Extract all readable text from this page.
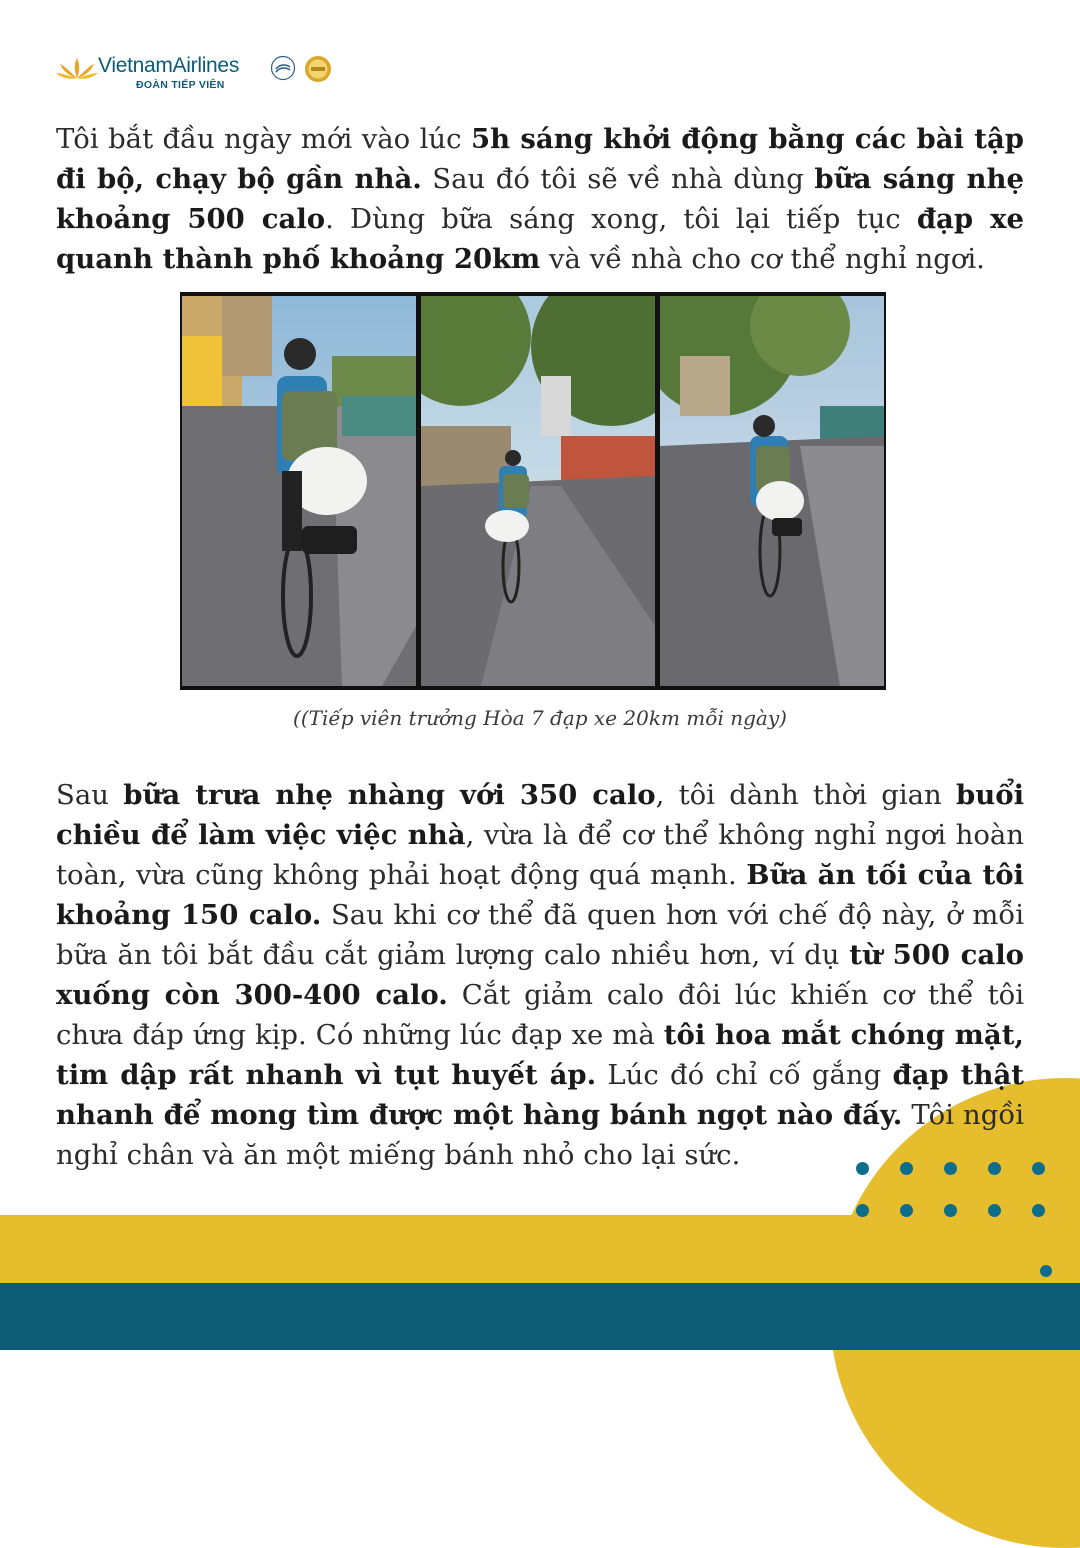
VietnamAirlines
ĐOÀN TIẾP VIÊN
Tôi bắt đầu ngày mới vào lúc 5h sáng khởi động bằng các bài tập đi bộ, chạy bộ gần nhà. Sau đó tôi sẽ về nhà dùng bữa sáng nhẹ khoảng 500 calo. Dùng bữa sáng xong, tôi lại tiếp tục đạp xe quanh thành phố khoảng 20km và về nhà cho cơ thể nghỉ ngơi.
((Tiếp viên trưởng Hòa 7 đạp xe 20km mỗi ngày)
Sau bữa trưa nhẹ nhàng với 350 calo, tôi dành thời gian buổi chiều để làm việc việc nhà, vừa là để cơ thể không nghỉ ngơi hoàn toàn, vừa cũng không phải hoạt động quá mạnh. Bữa ăn tối của tôi khoảng 150 calo. Sau khi cơ thể đã quen hơn với chế độ này, ở mỗi bữa ăn tôi bắt đầu cắt giảm lượng calo nhiều hơn, ví dụ từ 500 calo xuống còn 300-400 calo. Cắt giảm calo đôi lúc khiến cơ thể tôi chưa đáp ứng kịp. Có những lúc đạp xe mà tôi hoa mắt chóng mặt, tim dập rất nhanh vì tụt huyết áp. Lúc đó chỉ cố gắng đạp thật nhanh để mong tìm được một hàng bánh ngọt nào đấy. Tôi ngồi nghỉ chân và ăn một miếng bánh nhỏ cho lại sức.
